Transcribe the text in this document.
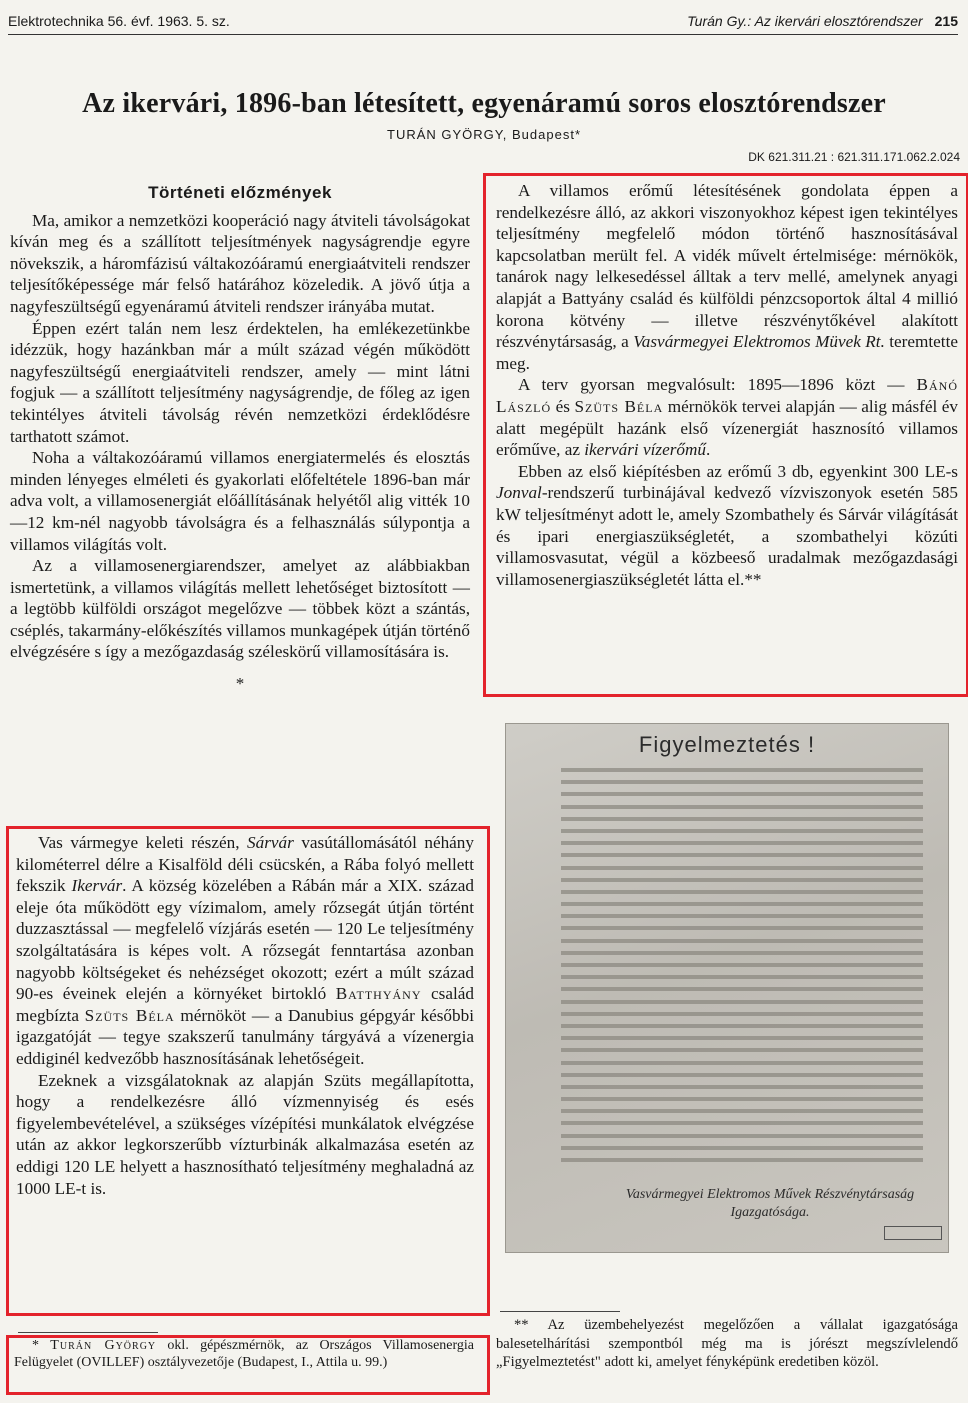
Elektrotechnika 56. évf. 1963. 5. sz.	Turán Gy.: Az ikervári elosztórendszer 215
Az ikervári, 1896-ban létesített, egyenáramú soros elosztórendszer
TURÁN GYÖRGY, Budapest*
DK 621.311.21 : 621.311.171.062.2.024
Történeti előzmények

Ma, amikor a nemzetközi kooperáció nagy átviteli távolságokat kíván meg és a szállított teljesítmények nagyságrendje egyre növekszik, a háromfázisú váltakozóáramú energiaátviteli rendszer teljesítőképessége már felső határához közeledik. A jövő útja a nagyfeszültségű egyenáramú átviteli rendszer irányába mutat.

Éppen ezért talán nem lesz érdektelen, ha emlékezetünkbe idézzük, hogy hazánkban már a múlt század végén működött nagyfeszültségű energiaátviteli rendszer, amely — mint látni fogjuk — a szállított teljesítmény nagyságrendje, de főleg az igen tekintélyes átviteli távolság révén nemzetközi érdeklődésre tarthatott számot.

Noha a váltakozóáramú villamos energiatermelés és elosztás minden lényeges elméleti és gyakorlati előfeltétele 1896-ban már adva volt, a villamosenergiát előállításának helyétől alig vitték 10—12 km-nél nagyobb távolságra és a felhasználás súlypontja a villamos világítás volt.

Az a villamosenergiarendszer, amelyet az alábbiakban ismertetünk, a villamos világítás mellett lehetőséget biztosított — a legtöbb külföldi országot megelőzve — többek közt a szántás, cséplés, takarmány-előkészítés villamos munkagépek útján történő elvégzésére s így a mezőgazdaság széleskörű villamosítására is.

*

A villamos erőmű létesítésének gondolata éppen a rendelkezésre álló, az akkori viszonyokhoz képest igen tekintélyes teljesítmény megfelelő módon történő hasznosításával kapcsolatban merült fel. A vidék művelt értelmisége: mérnökök, tanárok nagy lelkesedéssel álltak a terv mellé, amelynek anyagi alapját a Battyány család és külföldi pénzcsoportok által 4 millió korona kötvény — illetve részvénytőkével alakított részvénytársaság, a Vasvármegyei Elektromos Müvek Rt. teremtette meg.

A terv gyorsan megvalósult: 1895—1896 közt — Bánó László és Szüts Béla mérnökök tervei alapján — alig másfél év alatt megépült hazánk első vízenergiát hasznosító villamos erőműve, az ikervári vízerőmű.

Ebben az első kiépítésben az erőmű 3 db, egyenkint 300 LE-s Jonval-rendszerű turbinájával kedvező vízviszonyok esetén 585 kW teljesítményt adott le, amely Szombathely és Sárvár világítását és ipari energiaszükségletét, a szombathelyi közúti villamosvasutat, végül a közbeeső uradalmak mezőgazdasági villamosenergiaszükségletét látta el.**

Figyelmeztetés !
Vasvármegyei Elektromos Művek Részvénytársaság
Igazgatósága.

Vas vármegye keleti részén, Sárvár vasútállomásától néhány kilométerrel délre a Kisalföld déli csücskén, a Rába folyó mellett fekszik Ikervár. A község közelében a Rábán már a XIX. század eleje óta működött egy vízimalom, amely rőzsegát útján történt duzzasztással — megfelelő vízjárás esetén — 120 Le teljesítmény szolgáltatására is képes volt. A rőzsegát fenntartása azonban nagyobb költségeket és nehézséget okozott; ezért a múlt század 90-es éveinek elején a környéket birtokló Batthyány család megbízta Szüts Béla mérnököt — a Danubius gépgyár későbbi igazgatóját — tegye szakszerű tanulmány tárgyává a vízenergia eddiginél kedvezőbb hasznosításának lehetőségeit.

Ezeknek a vizsgálatoknak az alapján Szüts megállapította, hogy a rendelkezésre álló vízmennyiség és esés figyelembevételével, a szükséges vízépítési munkálatok elvégzése után az akkor legkorszerűbb vízturbinák alkalmazása esetén az eddigi 120 LE helyett a hasznosítható teljesítmény meghaladná az 1000 LE-t is.

* Turán György okl. gépészmérnök, az Országos Villamosenergia Felügyelet (OVILLEF) osztályvezetője (Budapest, I., Attila u. 99.)

** Az üzembehelyezést megelőzően a vállalat igazgatósága balesetelhárítási szempontból még ma is jórészt megszívlelendő „Figyelmeztetést" adott ki, amelyet fényképünk eredetiben közöl.
